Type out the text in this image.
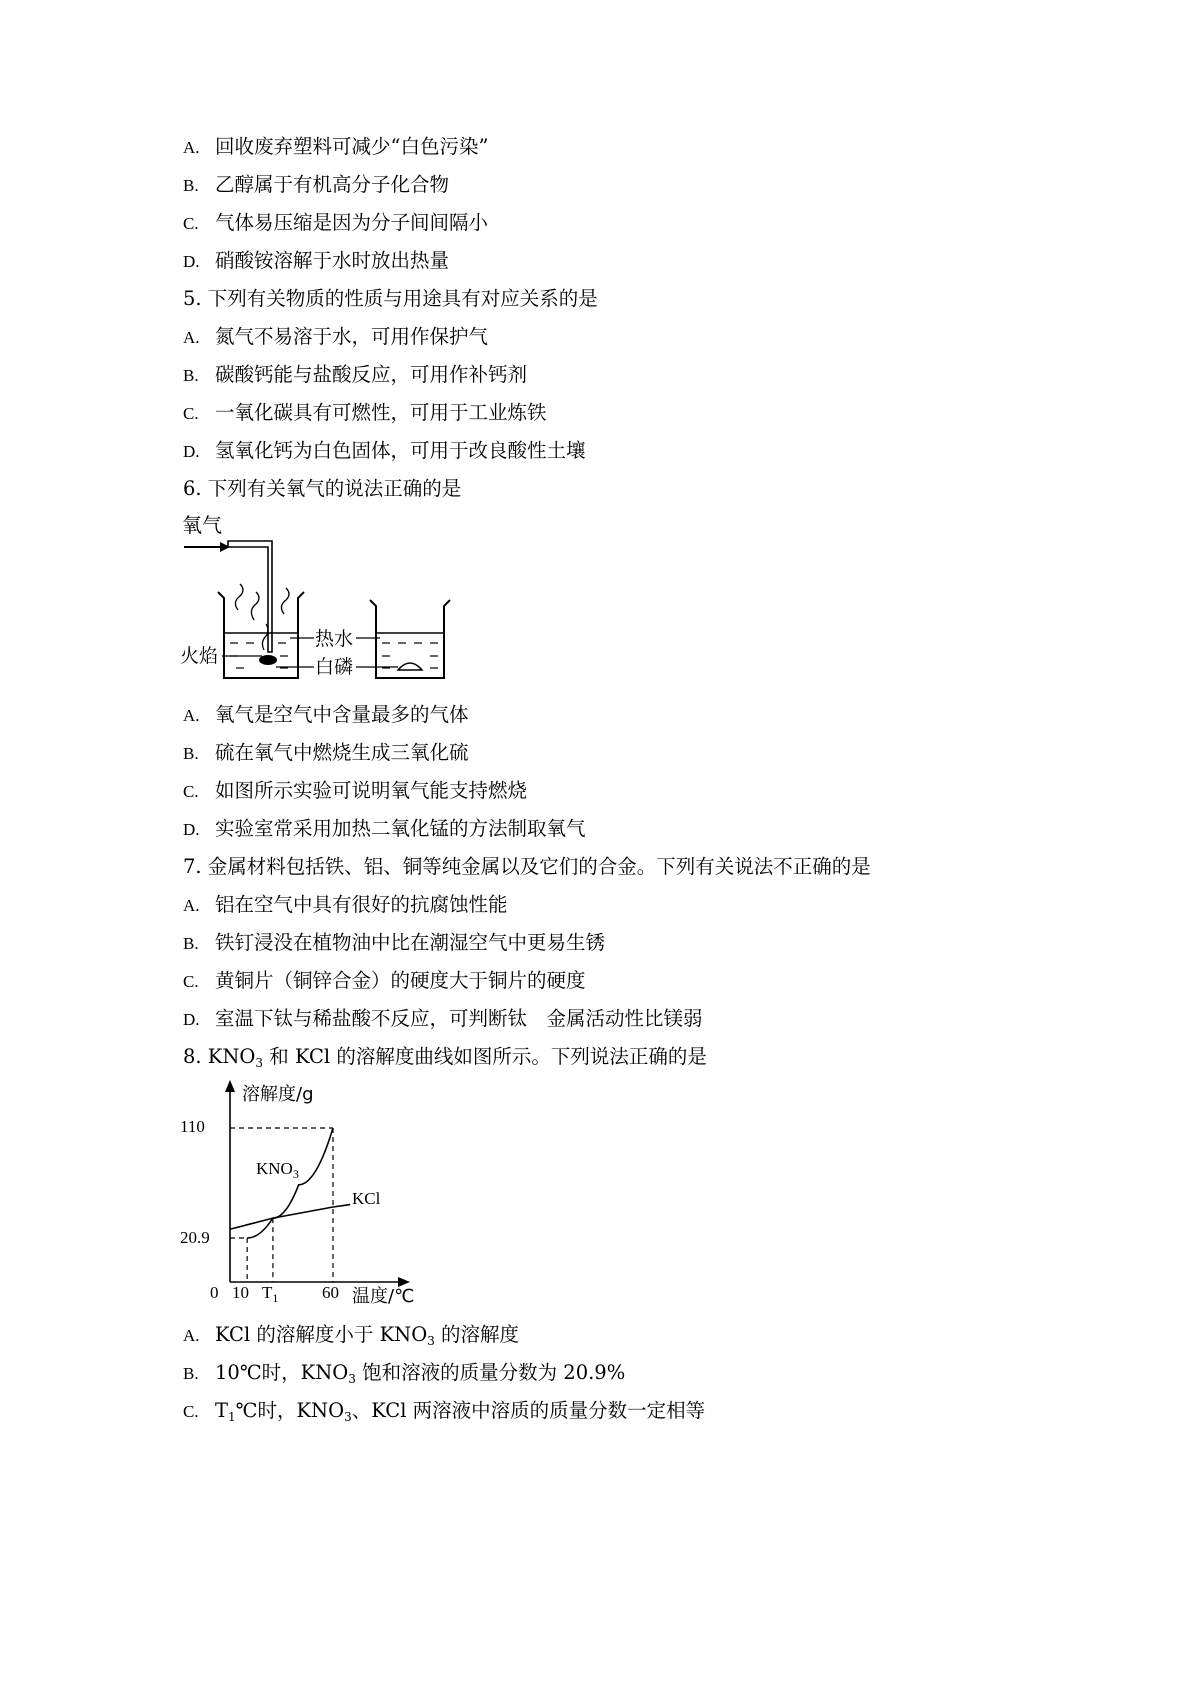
A. 回收废弃塑料可减少“白色污染”
B. 乙醇属于有机高分子化合物
C. 气体易压缩是因为分子间间隔小
D. 硝酸铵溶解于水时放出热量
5. 下列有关物质的性质与用途具有对应关系的是
A. 氮气不易溶于水，可用作保护气
B. 碳酸钙能与盐酸反应，可用作补钙剂
C. 一氧化碳具有可燃性，可用于工业炼铁
D. 氢氧化钙为白色固体，可用于改良酸性土壤
6. 下列有关氧气的说法正确的是
氧气
火焰
热水
白磷
A. 氧气是空气中含量最多的气体
B. 硫在氧气中燃烧生成三氧化硫
C. 如图所示实验可说明氧气能支持燃烧
D. 实验室常采用加热二氧化锰的方法制取氧气
7. 金属材料包括铁、铝、铜等纯金属以及它们的合金。下列有关说法不正确的是
A. 铝在空气中具有很好的抗腐蚀性能
B. 铁钉浸没在植物油中比在潮湿空气中更易生锈
C. 黄铜片（铜锌合金）的硬度大于铜片的硬度
D. 室温下钛与稀盐酸不反应，可判断钛　金属活动性比镁弱
8. $KNO_3$ 和 KCl 的溶解度曲线如图所示。下列说法正确的是
溶解度/g
温度/℃
110
20.9
0 10 $T_1$	60
$KNO_3$
KCl
A. KCl 的溶解度小于 $KNO_3$ 的溶解度
B. 10℃时，$KNO_3$ 饱和溶液的质量分数为 20.9%
C. $T_1℃$时，$KNO_3$、KCl 两溶液中溶质的质量分数一定相等
